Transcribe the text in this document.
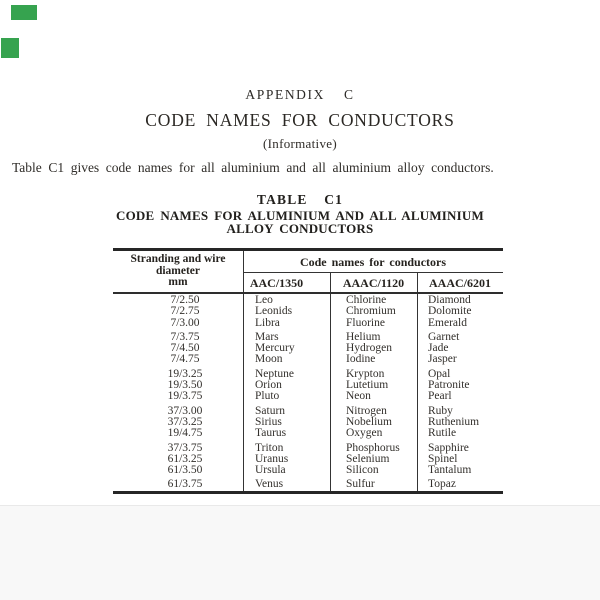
APPENDIX C
CODE NAMES FOR CONDUCTORS
(Informative)
Table C1 gives code names for all aluminium and all aluminium alloy conductors.
TABLE C1
CODE NAMES FOR ALUMINIUM AND ALL ALUMINIUM
ALLOY CONDUCTORS
Stranding and wire
diameter
mm
Code names for conductors
AAC/1350	AAAC/1120	AAAC/6201
7/2.50	Leo	Chlorine	Diamond
7/2.75	Leonids	Chromium	Dolomite
7/3.00	Libra	Fluorine	Emerald
7/3.75	Mars	Helium	Garnet
7/4.50	Mercury	Hydrogen	Jade
7/4.75	Moon	Iodine	Jasper
19/3.25	Neptune	Krypton	Opal
19/3.50	Orion	Lutetium	Patronite
19/3.75	Pluto	Neon	Pearl
37/3.00	Saturn	Nitrogen	Ruby
37/3.25	Sirius	Nobelium	Ruthenium
19/4.75	Taurus	Oxygen	Rutile
37/3.75	Triton	Phosphorus	Sapphire
61/3.25	Uranus	Selenium	Spinel
61/3.50	Ursula	Silicon	Tantalum
61/3.75	Venus	Sulfur	Topaz
